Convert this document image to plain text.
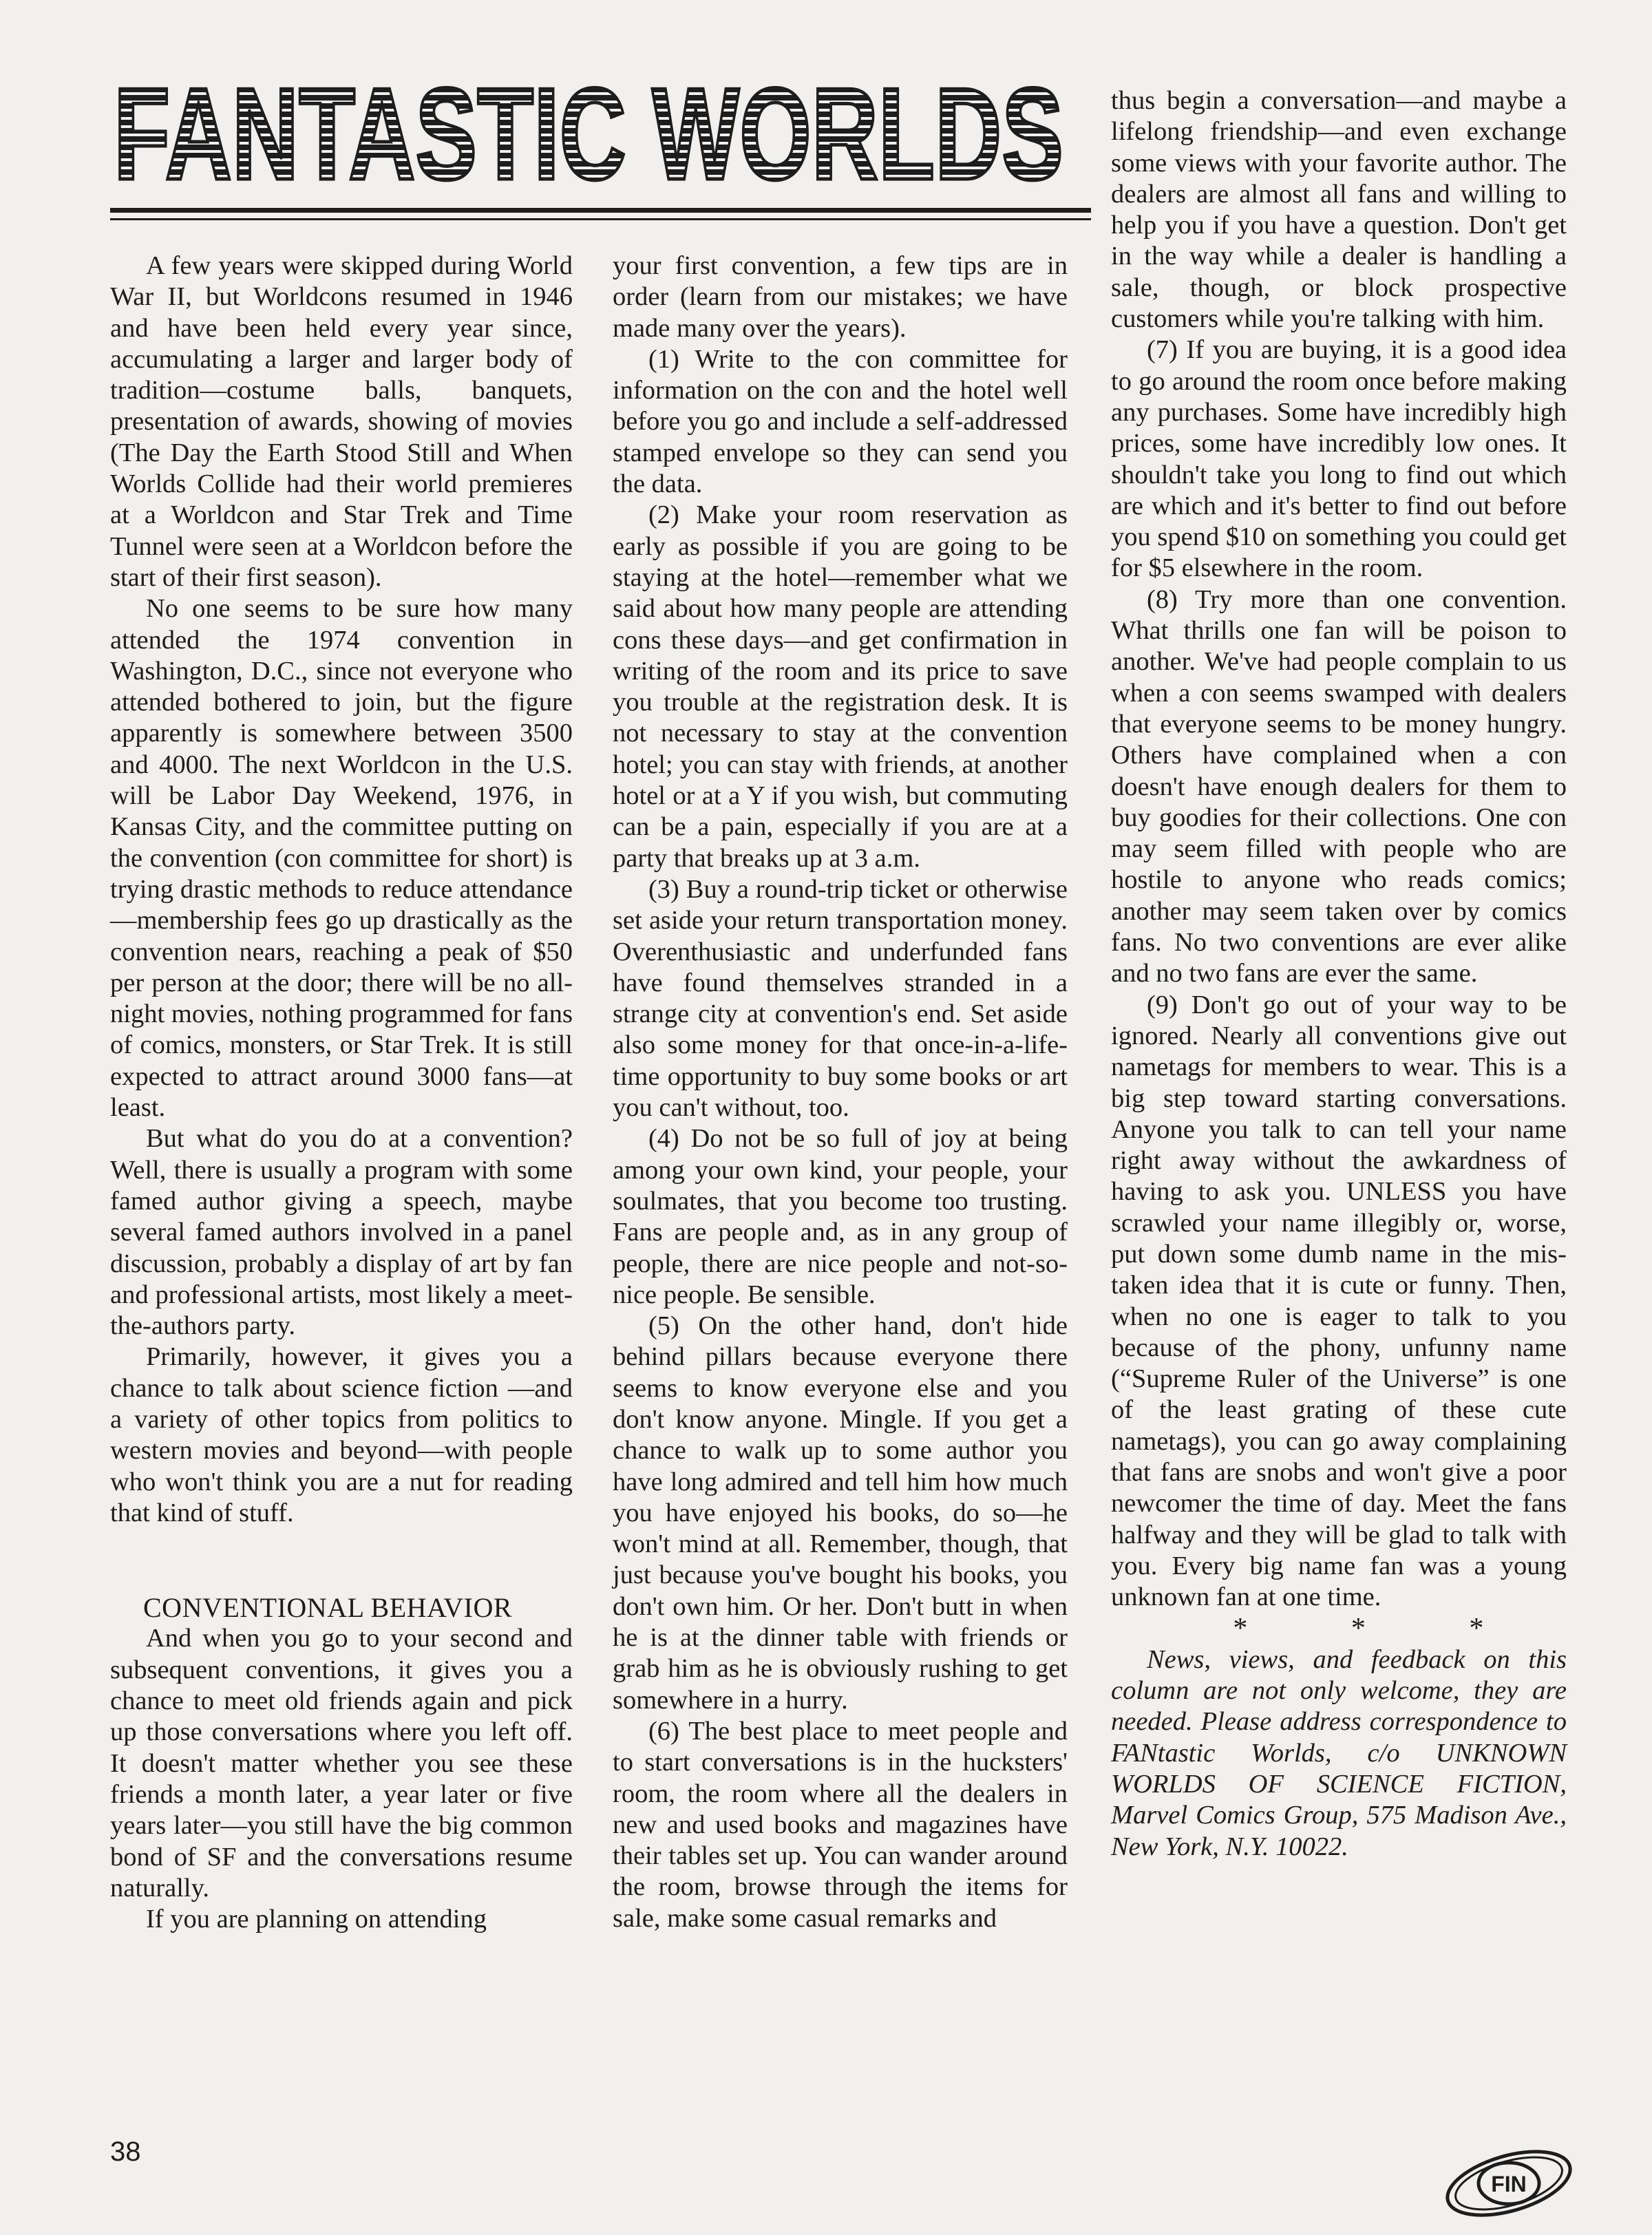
FANTASTIC WORLDS

A few years were skipped during World War II, but Worldcons resumed in 1946 and have been held every year since, accumulating a larger and larger body of tradition—costume balls, banquets, presentation of awards, showing of movies (The Day the Earth Stood Still and When Worlds Collide had their world premieres at a Worldcon and Star Trek and Time Tunnel were seen at a Worldcon before the start of their first season).

No one seems to be sure how many attended the 1974 convention in Washington, D.C., since not everyone who attended bothered to join, but the figure apparently is somewhere between 3500 and 4000. The next Worldcon in the U.S. will be Labor Day Weekend, 1976, in Kansas City, and the committee putting on the convention (con committee for short) is trying drastic methods to reduce attendance—membership fees go up drastically as the convention nears, reaching a peak of $50 per person at the door; there will be no all-night movies, nothing programmed for fans of comics, monsters, or Star Trek. It is still expected to attract around 3000 fans—at least.

But what do you do at a convention? Well, there is usually a program with some famed author giving a speech, maybe several famed authors involved in a panel discussion, probably a display of art by fan and professional artists, most likely a meet-the-authors party.

Primarily, however, it gives you a chance to talk about science fiction —and a variety of other topics from politics to western movies and beyond—with people who won't think you are a nut for reading that kind of stuff.

CONVENTIONAL BEHAVIOR

And when you go to your second and subsequent conventions, it gives you a chance to meet old friends again and pick up those conversations where you left off. It doesn't matter whether you see these friends a month later, a year later or five years later—you still have the big common bond of SF and the conversations resume naturally.

If you are planning on attending

your first convention, a few tips are in order (learn from our mistakes; we have made many over the years).

(1) Write to the con committee for information on the con and the hotel well before you go and include a self-addressed stamped envelope so they can send you the data.

(2) Make your room reservation as early as possible if you are going to be staying at the hotel—remember what we said about how many people are attending cons these days—and get confirmation in writing of the room and its price to save you trouble at the registration desk. It is not necessary to stay at the convention hotel; you can stay with friends, at another hotel or at a Y if you wish, but commuting can be a pain, especially if you are at a party that breaks up at 3 a.m.

(3) Buy a round-trip ticket or otherwise set aside your return transportation money. Overenthusiastic and underfunded fans have found themselves stranded in a strange city at convention's end. Set aside also some money for that once-in-a-lifetime opportunity to buy some books or art you can't without, too.

(4) Do not be so full of joy at being among your own kind, your people, your soulmates, that you become too trusting. Fans are people and, as in any group of people, there are nice people and not-so-nice people. Be sensible.

(5) On the other hand, don't hide behind pillars because everyone there seems to know everyone else and you don't know anyone. Mingle. If you get a chance to walk up to some author you have long admired and tell him how much you have enjoyed his books, do so—he won't mind at all. Remember, though, that just because you've bought his books, you don't own him. Or her. Don't butt in when he is at the dinner table with friends or grab him as he is obviously rushing to get somewhere in a hurry.

(6) The best place to meet people and to start conversations is in the hucksters' room, the room where all the dealers in new and used books and magazines have their tables set up. You can wander around the room, browse through the items for sale, make some casual remarks and

thus begin a conversation—and maybe a lifelong friendship—and even exchange some views with your favorite author. The dealers are almost all fans and willing to help you if you have a question. Don't get in the way while a dealer is handling a sale, though, or block prospective customers while you're talking with him.

(7) If you are buying, it is a good idea to go around the room once before making any purchases. Some have incredibly high prices, some have incredibly low ones. It shouldn't take you long to find out which are which and it's better to find out before you spend $10 on something you could get for $5 elsewhere in the room.

(8) Try more than one convention. What thrills one fan will be poison to another. We've had people complain to us when a con seems swamped with dealers that everyone seems to be money hungry. Others have complained when a con doesn't have enough dealers for them to buy goodies for their collections. One con may seem filled with people who are hostile to anyone who reads comics; another may seem taken over by comics fans. No two conventions are ever alike and no two fans are ever the same.

(9) Don't go out of your way to be ignored. Nearly all conventions give out nametags for members to wear. This is a big step toward starting conversations. Anyone you talk to can tell your name right away without the awkardness of having to ask you. UNLESS you have scrawled your name illegibly or, worse, put down some dumb name in the mistaken idea that it is cute or funny. Then, when no one is eager to talk to you because of the phony, unfunny name (“Supreme Ruler of the Universe” is one of the least grating of these cute nametags), you can go away complaining that fans are snobs and won't give a poor newcomer the time of day. Meet the fans halfway and they will be glad to talk with you. Every big name fan was a young unknown fan at one time.

* * *

News, views, and feedback on this column are not only welcome, they are needed. Please address correspondence to FANtastic Worlds, c/o UNKNOWN WORLDS OF SCIENCE FICTION, Marvel Comics Group, 575 Madison Ave., New York, N.Y. 10022.

38
FIN
